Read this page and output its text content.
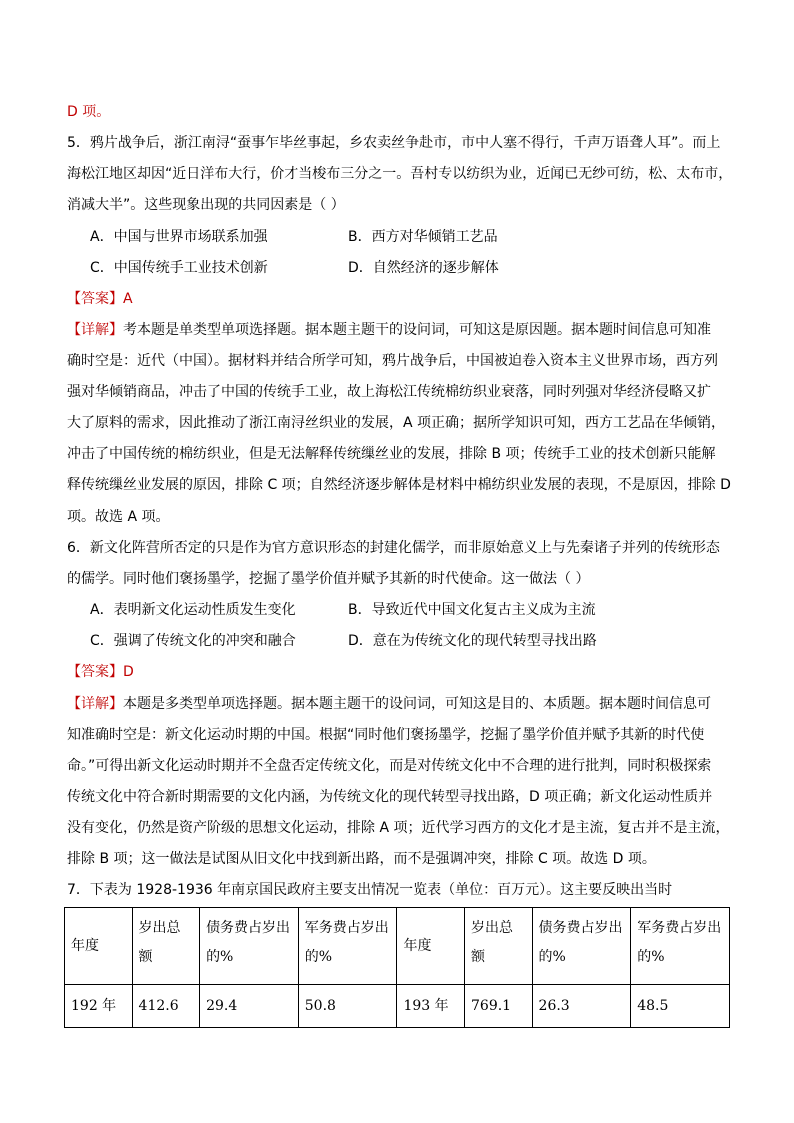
D 项。
5．鸦片战争后，浙江南浔“蚕事乍毕丝事起，乡农卖丝争赴市，市中人塞不得行，千声万语聋人耳”。而上
海松江地区却因“近日洋布大行，价才当梭布三分之一。吾村专以纺织为业，近闻已无纱可纺，松、太布市，
消减大半”。这些现象出现的共同因素是（ ）
A．中国与世界市场联系加强	B．西方对华倾销工艺品
C．中国传统手工业技术创新	D．自然经济的逐步解体
【答案】A
【详解】考本题是单类型单项选择题。据本题主题干的设问词，可知这是原因题。据本题时间信息可知准
确时空是：近代（中国）。据材料并结合所学可知，鸦片战争后，中国被迫卷入资本主义世界市场，西方列
强对华倾销商品，冲击了中国的传统手工业，故上海松江传统棉纺织业衰落，同时列强对华经济侵略又扩
大了原料的需求，因此推动了浙江南浔丝织业的发展，A 项正确；据所学知识可知，西方工艺品在华倾销，
冲击了中国传统的棉纺织业，但是无法解释传统缫丝业的发展，排除 B 项；传统手工业的技术创新只能解
释传统缫丝业发展的原因，排除 C 项；自然经济逐步解体是材料中棉纺织业发展的表现，不是原因，排除 D
项。故选 A 项。
6．新文化阵营所否定的只是作为官方意识形态的封建化儒学，而非原始意义上与先秦诸子并列的传统形态
的儒学。同时他们褒扬墨学，挖掘了墨学价值并赋予其新的时代使命。这一做法（ ）
A．表明新文化运动性质发生变化	B．导致近代中国文化复古主义成为主流
C．强调了传统文化的冲突和融合	D．意在为传统文化的现代转型寻找出路
【答案】D
【详解】本题是多类型单项选择题。据本题主题干的设问词，可知这是目的、本质题。据本题时间信息可
知准确时空是：新文化运动时期的中国。根据“同时他们褒扬墨学，挖掘了墨学价值并赋予其新的时代使
命。”可得出新文化运动时期并不全盘否定传统文化，而是对传统文化中不合理的进行批判，同时积极探索
传统文化中符合新时期需要的文化内涵，为传统文化的现代转型寻找出路，D 项正确；新文化运动性质并
没有变化，仍然是资产阶级的思想文化运动，排除 A 项；近代学习西方的文化才是主流，复古并不是主流，
排除 B 项；这一做法是试图从旧文化中找到新出路，而不是强调冲突，排除 C 项。故选 D 项。
7．下表为 1928-1936 年南京国民政府主要支出情况一览表（单位：百万元）。这主要反映出当时
年度	岁出总额	债务费占岁出的%	军务费占岁出的%	年度	岁出总额	债务费占岁出的%	军务费占岁出的%
192 年	412.6	29.4	50.8	193 年	769.1	26.3	48.5
